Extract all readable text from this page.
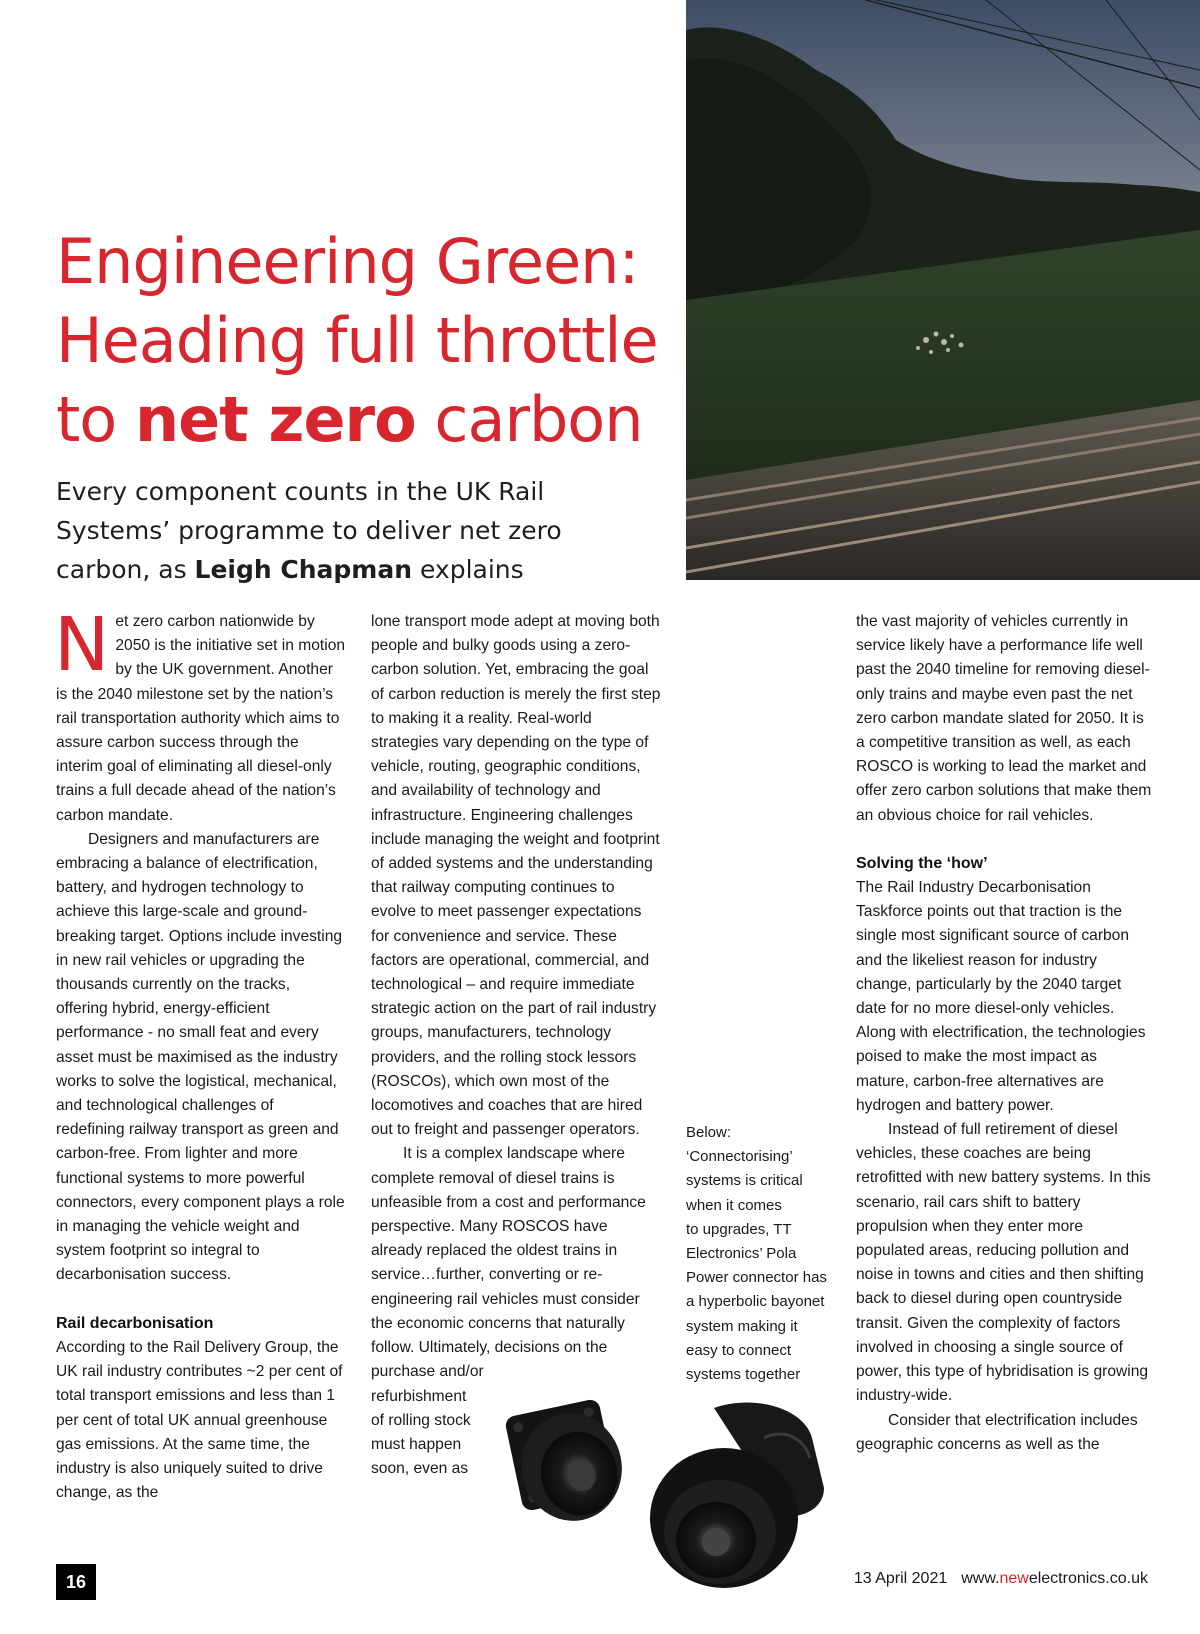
Engineering Green:
Heading full throttle
to net zero carbon

Every component counts in the UK Rail Systems’ programme to deliver net zero carbon, as Leigh Chapman explains

Net zero carbon nationwide by 2050 is the initiative set in motion by the UK government. Another is the 2040 milestone set by the nation’s rail transportation authority which aims to assure carbon success through the interim goal of eliminating all diesel-only trains a full decade ahead of the nation’s carbon mandate.

Designers and manufacturers are embracing a balance of electrification, battery, and hydrogen technology to achieve this large-scale and ground-breaking target. Options include investing in new rail vehicles or upgrading the thousands currently on the tracks, offering hybrid, energy-efficient performance - no small feat and every asset must be maximised as the industry works to solve the logistical, mechanical, and technological challenges of redefining railway transport as green and carbon-free. From lighter and more functional systems to more powerful connectors, every component plays a role in managing the vehicle weight and system footprint so integral to decarbonisation success.

Rail decarbonisation

According to the Rail Delivery Group, the UK rail industry contributes ~2 per cent of total transport emissions and less than 1 per cent of total UK annual greenhouse gas emissions. At the same time, the industry is also uniquely suited to drive change, as the

lone transport mode adept at moving both people and bulky goods using a zero-carbon solution. Yet, embracing the goal of carbon reduction is merely the first step to making it a reality. Real-world strategies vary depending on the type of vehicle, routing, geographic conditions, and availability of technology and infrastructure. Engineering challenges include managing the weight and footprint of added systems and the understanding that railway computing continues to evolve to meet passenger expectations for convenience and service. These factors are operational, commercial, and technological – and require immediate strategic action on the part of rail industry groups, manufacturers, technology providers, and the rolling stock lessors (ROSCOs), which own most of the locomotives and coaches that are hired out to freight and passenger operators.

It is a complex landscape where complete removal of diesel trains is unfeasible from a cost and performance perspective. Many ROSCOS have already replaced the oldest trains in service…further, converting or re-engineering rail vehicles must consider the economic concerns that naturally follow. Ultimately, decisions on the purchase and/or

refurbishment

of rolling stock

must happen

soon, even as

Below:
‘Connectorising’
systems is critical
when it comes
to upgrades, TT
Electronics’ Pola
Power connector has
a hyperbolic bayonet
system making it
easy to connect
systems together

the vast majority of vehicles currently in service likely have a performance life well past the 2040 timeline for removing diesel-only trains and maybe even past the net zero carbon mandate slated for 2050. It is a competitive transition as well, as each ROSCO is working to lead the market and offer zero carbon solutions that make them an obvious choice for rail vehicles.

Solving the ‘how’

The Rail Industry Decarbonisation Taskforce points out that traction is the single most significant source of carbon and the likeliest reason for industry change, particularly by the 2040 target date for no more diesel-only vehicles. Along with electrification, the technologies poised to make the most impact as mature, carbon-free alternatives are hydrogen and battery power.

Instead of full retirement of diesel vehicles, these coaches are being retrofitted with new battery systems. In this scenario, rail cars shift to battery propulsion when they enter more populated areas, reducing pollution and noise in towns and cities and then shifting back to diesel during open countryside transit. Given the complexity of factors involved in choosing a single source of power, this type of hybridisation is growing industry-wide.

Consider that electrification includes geographic concerns as well as the

16	13 April 2021 www.newelectronics.co.uk
